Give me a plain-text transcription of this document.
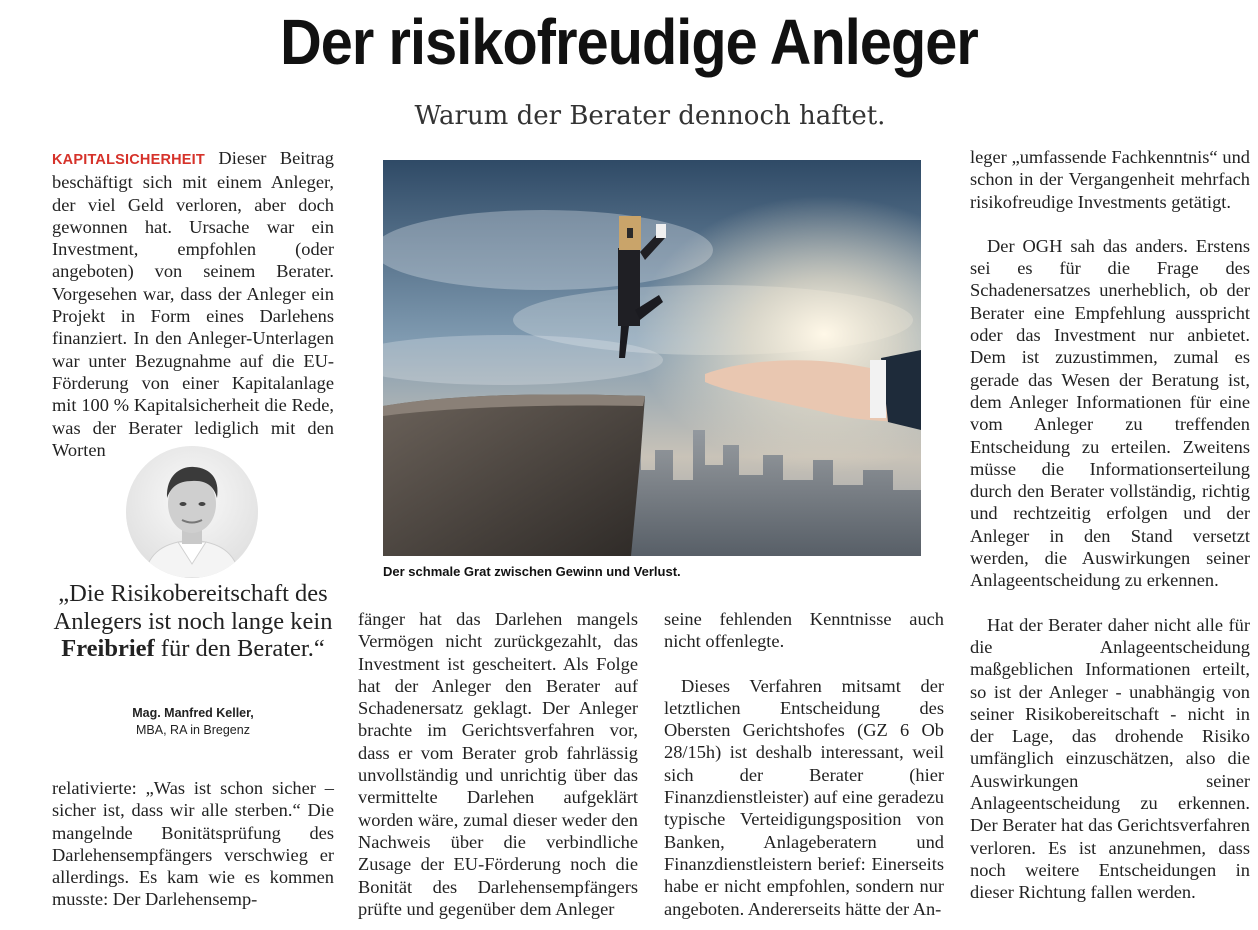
Der risikofreudige Anleger
Warum der Berater dennoch haftet.

KAPITALSICHERHEIT Dieser Beitrag beschäftigt sich mit einem Anleger, der viel Geld verloren, aber doch gewonnen hat. Ursache war ein Investment, empfohlen (oder angeboten) von seinem Berater. Vorgesehen war, dass der Anleger ein Projekt in Form eines Darlehens finanziert. In den Anleger-Unterlagen war unter Bezugnahme auf die EU-Förderung von einer Kapitalanlage mit 100 % Kapitalsicherheit die Rede, was der Berater lediglich mit den Worten

„Die Risikobereitschaft des Anlegers ist noch lange kein Freibrief für den Berater.“
Mag. Manfred Keller,
MBA, RA in Bregenz

relativierte: „Was ist schon sicher – sicher ist, dass wir alle sterben.“ Die mangelnde Bonitätsprüfung des Darlehensempfängers verschwieg er allerdings. Es kam wie es kommen musste: Der Darlehensemp-

Der schmale Grat zwischen Gewinn und Verlust.

fänger hat das Darlehen mangels Vermögen nicht zurückgezahlt, das Investment ist gescheitert. Als Folge hat der Anleger den Berater auf Schadenersatz geklagt. Der Anleger brachte im Gerichtsverfahren vor, dass er vom Berater grob fahrlässig unvollständig und unrichtig über das vermittelte Darlehen aufgeklärt worden wäre, zumal dieser weder den Nachweis über die verbindliche Zusage der EU-Förderung noch die Bonität des Darlehensempfängers prüfte und gegenüber dem Anleger

seine fehlenden Kenntnisse auch nicht offenlegte.

Dieses Verfahren mitsamt der letztlichen Entscheidung des Obersten Gerichtshofes (GZ 6 Ob 28/15h) ist deshalb interessant, weil sich der Berater (hier Finanzdienstleister) auf eine geradezu typische Verteidigungsposition von Banken, Anlageberatern und Finanzdienstleistern berief: Einerseits habe er nicht empfohlen, sondern nur angeboten. Andererseits hätte der An-

leger „umfassende Fachkenntnis“ und schon in der Vergangenheit mehrfach risikofreudige Investments getätigt.

Der OGH sah das anders. Erstens sei es für die Frage des Schadenersatzes unerheblich, ob der Berater eine Empfehlung ausspricht oder das Investment nur anbietet. Dem ist zuzustimmen, zumal es gerade das Wesen der Beratung ist, dem Anleger Informationen für eine vom Anleger zu treffenden Entscheidung zu erteilen. Zweitens müsse die Informationserteilung durch den Berater vollständig, richtig und rechtzeitig erfolgen und der Anleger in den Stand versetzt werden, die Auswirkungen seiner Anlageentscheidung zu erkennen.

Hat der Berater daher nicht alle für die Anlageentscheidung maßgeblichen Informationen erteilt, so ist der Anleger - unabhängig von seiner Risikobereitschaft - nicht in der Lage, das drohende Risiko umfänglich einzuschätzen, also die Auswirkungen seiner Anlageentscheidung zu erkennen. Der Berater hat das Gerichtsverfahren verloren. Es ist anzunehmen, dass noch weitere Entscheidungen in dieser Richtung fallen werden.
